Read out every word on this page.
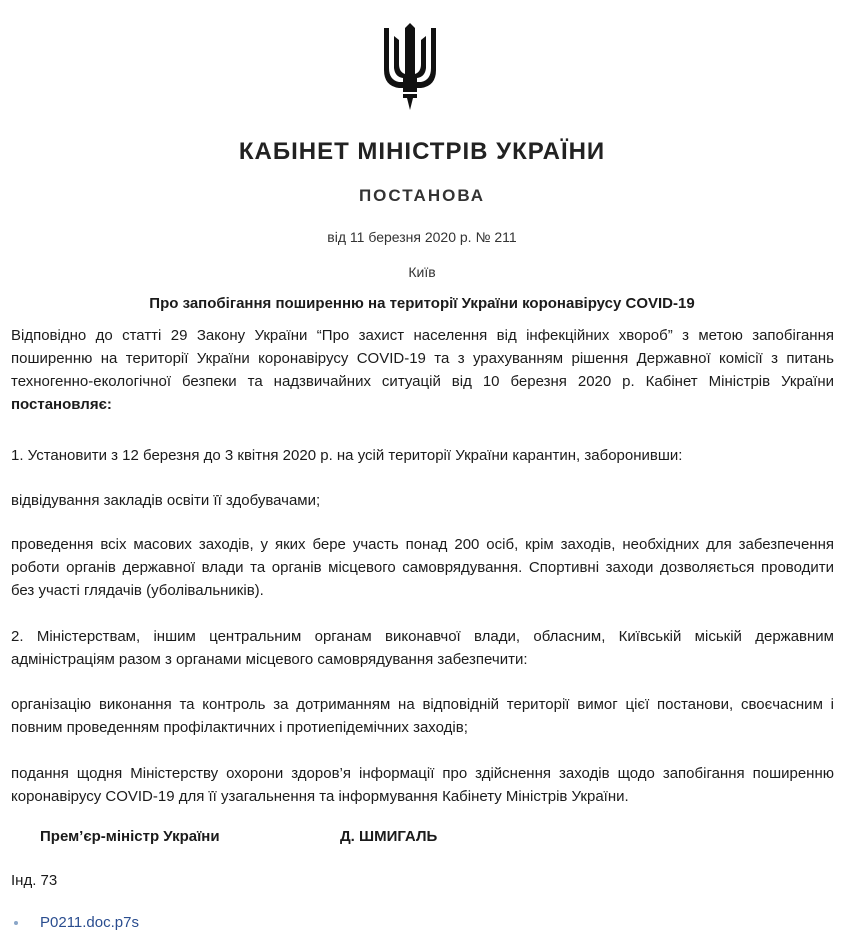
КАБІНЕТ МІНІСТРІВ УКРАЇНИ
ПОСТАНОВА
від 11 березня 2020 р. № 211
Київ
Про запобігання поширенню на території України коронавірусу COVID-19
Відповідно до статті 29 Закону України “Про захист населення від інфекційних хвороб” з метою запобігання поширенню на території України коронавірусу COVID-19 та з урахуванням рішення Державної комісії з питань техногенно-екологічної безпеки та надзвичайних ситуацій від 10 березня 2020 р. Кабінет Міністрів України постановляє:
1. Установити з 12 березня до 3 квітня 2020 р. на усій території України карантин, заборонивши:
відвідування закладів освіти її здобувачами;
проведення всіх масових заходів, у яких бере участь понад 200 осіб, крім заходів, необхідних для забезпечення роботи органів державної влади та органів місцевого самоврядування. Спортивні заходи дозволяється проводити без участі глядачів (уболівальників).
2. Міністерствам, іншим центральним органам виконавчої влади, обласним, Київській міській державним адміністраціям разом з органами місцевого самоврядування забезпечити:
організацію виконання та контроль за дотриманням на відповідній території вимог цієї постанови, своєчасним і повним проведенням профілактичних і протиепідемічних заходів;
подання щодня Міністерству охорони здоров’я інформації про здійснення заходів щодо запобігання поширенню коронавірусу COVID-19 для її узагальнення та інформування Кабінету Міністрів України.
Прем’єр-міністр України	Д. ШМИГАЛЬ
Інд. 73
P0211.doc.p7s
